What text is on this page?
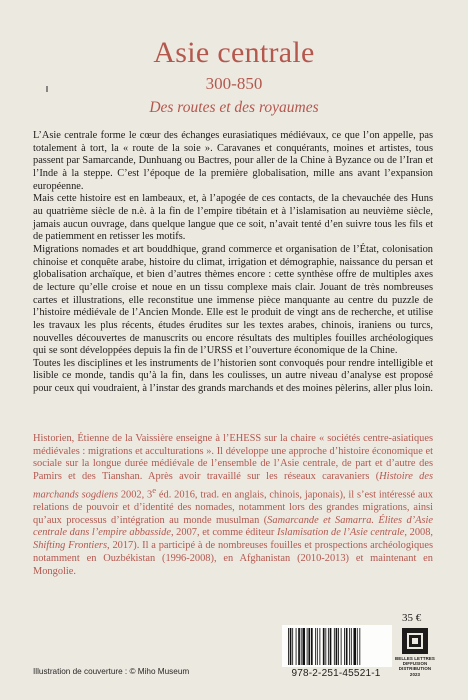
Asie centrale
300-850
Des routes et des royaumes

L’Asie centrale forme le cœur des échanges eurasiatiques médiévaux, ce que l’on appelle, pas totalement à tort, la « route de la soie ». Caravanes et conquérants, moines et artistes, tous passent par Samarcande, Dunhuang ou Bactres, pour aller de la Chine à Byzance ou de l’Iran et l’Inde à la steppe. C’est l’époque de la première globalisation, mille ans avant l’expansion européenne.

Mais cette histoire est en lambeaux, et, à l’apogée de ces contacts, de la chevauchée des Huns au quatrième siècle de n.è. à la fin de l’empire tibétain et à l’islamisation au neuvième siècle, jamais aucun ouvrage, dans quelque langue que ce soit, n’avait tenté d’en suivre tous les fils et de patiemment en retisser les motifs.

Migrations nomades et art bouddhique, grand commerce et organisation de l’État, colonisation chinoise et conquête arabe, histoire du climat, irrigation et démographie, naissance du persan et globalisation archaïque, et bien d’autres thèmes encore : cette synthèse offre de multiples axes de lecture qu’elle croise et noue en un tissu complexe mais clair. Jouant de très nombreuses cartes et illustrations, elle reconstitue une immense pièce manquante au centre du puzzle de l’histoire médiévale de l’Ancien Monde. Elle est le produit de vingt ans de recherche, et utilise les travaux les plus récents, études érudites sur les textes arabes, chinois, iraniens ou turcs, nouvelles découvertes de manuscrits ou encore résultats des multiples fouilles archéologiques qui se sont développées depuis la fin de l’URSS et l’ouverture économique de la Chine.

Toutes les disciplines et les instruments de l’historien sont convoqués pour rendre intelligible et lisible ce monde, tandis qu’à la fin, dans les coulisses, un autre niveau d’analyse est proposé pour ceux qui voudraient, à l’instar des grands marchands et des moines pèlerins, aller plus loin.

Historien, Étienne de la Vaissière enseigne à l’EHESS sur la chaire « sociétés centre-asiatiques médiévales : migrations et acculturations ». Il développe une approche d’histoire économique et sociale sur la longue durée médiévale de l’ensemble de l’Asie centrale, de part et d’autre des Pamirs et des Tianshan. Après avoir travaillé sur les réseaux caravaniers (Histoire des marchands sogdiens 2002, 3e éd. 2016, trad. en anglais, chinois, japonais), il s’est intéressé aux relations de pouvoir et d’identité des nomades, notamment lors des grandes migrations, ainsi qu’aux processus d’intégration au monde musulman (Samarcande et Samarra. Élites d’Asie centrale dans l’empire abbasside, 2007, et comme éditeur Islamisation de l’Asie centrale, 2008, Shifting Frontiers, 2017). Il a participé à de nombreuses fouilles et prospections archéologiques notamment en Ouzbékistan (1996-2008), en Afghanistan (2010-2013) et maintenant en Mongolie.

35 €
978-2-251-45521-1
BELLES LETTRES
DIFFUSION
DISTRIBUTION
2023
Illustration de couverture : © Miho Museum
